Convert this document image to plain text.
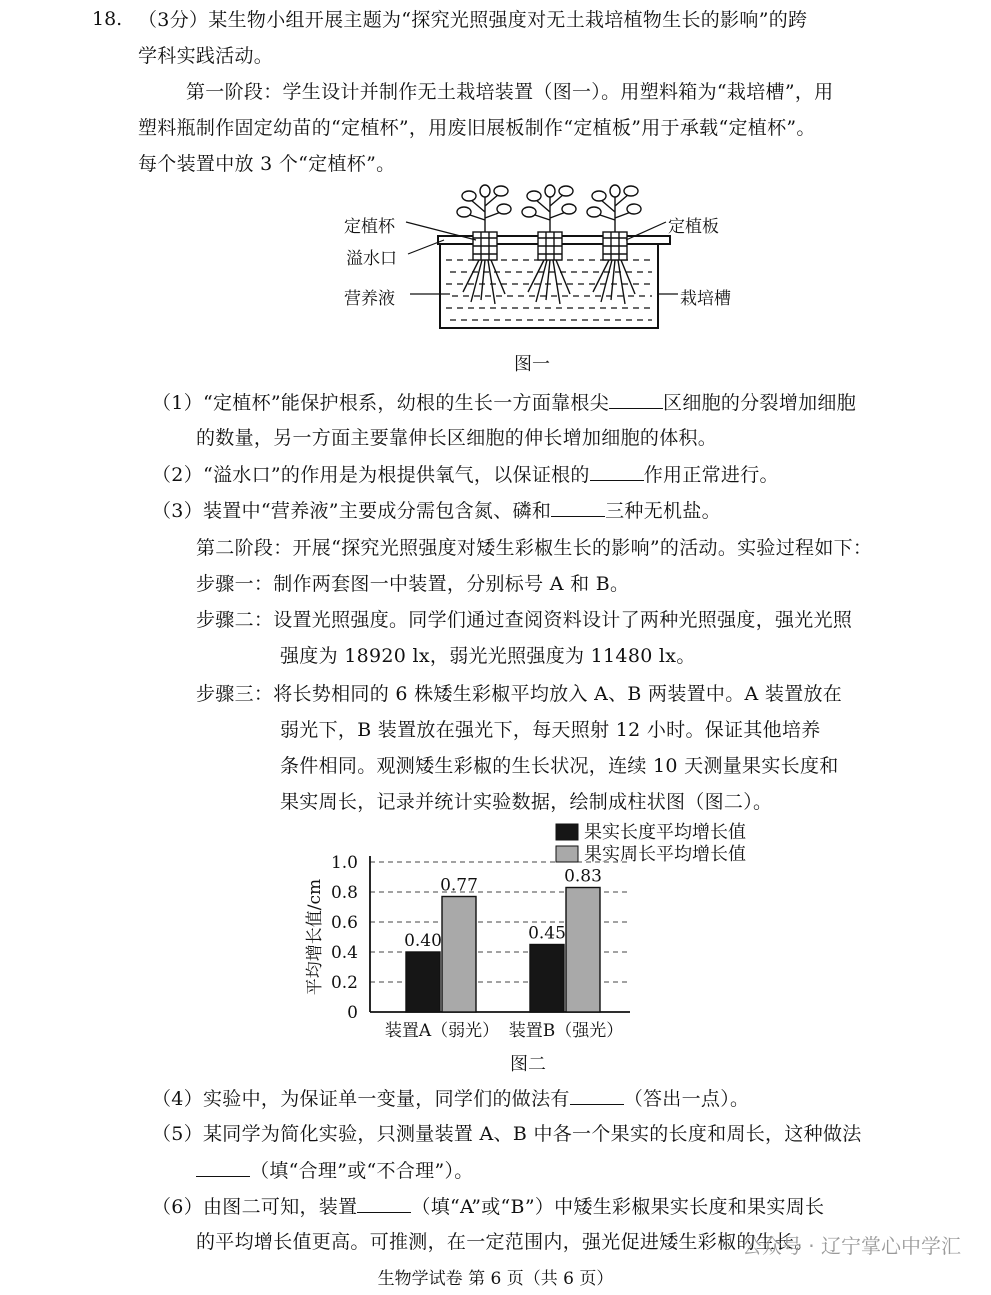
18. （3分）某生物小组开展主题为“探究光照强度对无土栽培植物生长的影响”的跨
学科实践活动。
第一阶段：学生设计并制作无土栽培装置（图一）。用塑料箱为“栽培槽”，用
塑料瓶制作固定幼苗的“定植杯”，用废旧展板制作“定植板”用于承载“定植杯”。
每个装置中放 3 个“定植杯”。
定植杯
溢水口
营养液
定植板
栽培槽
图一
（1）“定植杯”能保护根系，幼根的生长一方面靠根尖	区细胞的分裂增加细胞
的数量，另一方面主要靠伸长区细胞的伸长增加细胞的体积。
（2）“溢水口”的作用是为根提供氧气，以保证根的	作用正常进行。
（3）装置中“营养液”主要成分需包含氮、磷和	三种无机盐。
第二阶段：开展“探究光照强度对矮生彩椒生长的影响”的活动。实验过程如下：
步骤一：制作两套图一中装置，分别标号 A 和 B。
步骤二：设置光照强度。同学们通过查阅资料设计了两种光照强度，强光光照
强度为 18920 lx，弱光光照强度为 11480 lx。
步骤三：将长势相同的 6 株矮生彩椒平均放入 A、B 两装置中。A 装置放在
弱光下，B 装置放在强光下，每天照射 12 小时。保证其他培养
条件相同。观测矮生彩椒的生长状况，连续 10 天测量果实长度和
果实周长，记录并统计实验数据，绘制成柱状图（图二）。
0
0.2
0.4
0.6
0.8
1.0
0.40
0.77
0.45
0.83
装置A（弱光） 装置B（强光）
果实长度平均增长值
果实周长平均增长值
平均增长值/cm
图二
（4）实验中，为保证单一变量，同学们的做法有	（答出一点）。
（5）某同学为简化实验，只测量装置 A、B 中各一个果实的长度和周长，这种做法
（填“合理”或“不合理”）。
（6）由图二可知，装置	（填“A”或“B”）中矮生彩椒果实长度和果实周长
的平均增长值更高。可推测，在一定范围内，强光促进矮生彩椒的生长。
公众号 · 辽宁掌心中学汇
生物学试卷 第 6 页（共 6 页）
